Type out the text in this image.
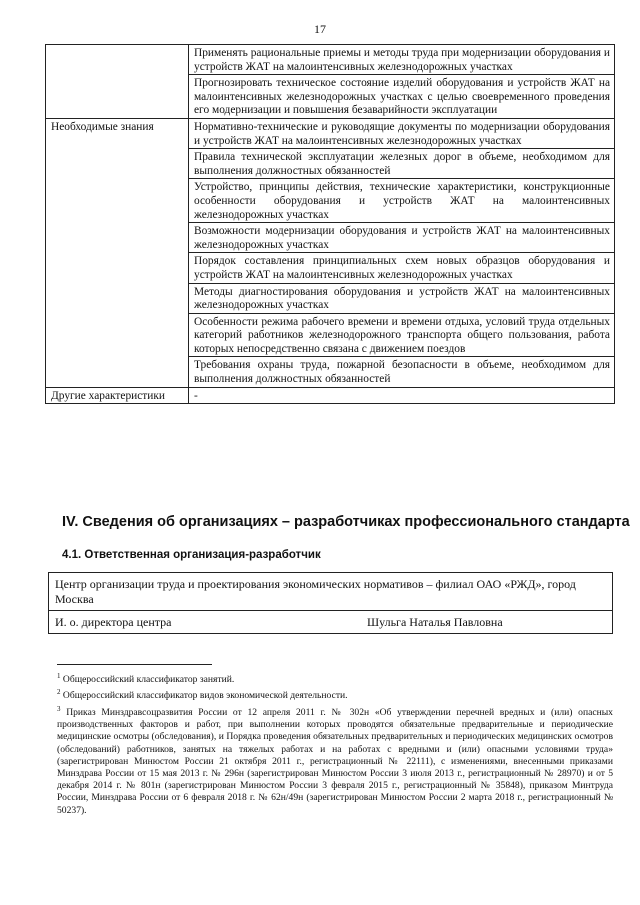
17
	Применять рациональные приемы и методы труда при модернизации оборудования и устройств ЖАТ на малоинтенсивных железнодорожных участках
	Прогнозировать техническое состояние изделий оборудования и устройств ЖАТ на малоинтенсивных железнодорожных участках с целью своевременного проведения его модернизации и повышения безаварийности эксплуатации
Необходимые знания	Нормативно-технические и руководящие документы по модернизации оборудования и устройств ЖАТ на малоинтенсивных железнодорожных участках
	Правила технической эксплуатации железных дорог в объеме, необходимом для выполнения должностных обязанностей
	Устройство, принципы действия, технические характеристики, конструкционные особенности оборудования и устройств ЖАТ на малоинтенсивных железнодорожных участках
	Возможности модернизации оборудования и устройств ЖАТ на малоинтенсивных железнодорожных участках
	Порядок составления принципиальных схем новых образцов оборудования и устройств ЖАТ на малоинтенсивных железнодорожных участках
	Методы диагностирования оборудования и устройств ЖАТ на малоинтенсивных железнодорожных участках
	Особенности режима рабочего времени и времени отдыха, условий труда отдельных категорий работников железнодорожного транспорта общего пользования, работа которых непосредственно связана с движением поездов
	Требования охраны труда, пожарной безопасности в объеме, необходимом для выполнения должностных обязанностей
Другие характеристики	-
IV. Сведения об организациях – разработчиках профессионального стандарта
4.1. Ответственная организация-разработчик
Центр организации труда и проектирования экономических нормативов – филиал ОАО «РЖД», город Москва
И. о. директора центра	Шульга Наталья Павловна

$^1$ Общероссийский классификатор занятий.

$^2$ Общероссийский классификатор видов экономической деятельности.

$^3$ Приказ Минздравсоцразвития России от 12 апреля 2011 г. № 302н «Об утверждении перечней вредных и (или) опасных производственных факторов и работ, при выполнении которых проводятся обязательные предварительные и периодические медицинские осмотры (обследования), и Порядка проведения обязательных предварительных и периодических медицинских осмотров (обследований) работников, занятых на тяжелых работах и на работах с вредными и (или) опасными условиями труда» (зарегистрирован Минюстом России 21 октября 2011 г., регистрационный № 22111), с изменениями, внесенными приказами Минздрава России от 15 мая 2013 г. № 296н (зарегистрирован Минюстом России 3 июля 2013 г., регистрационный № 28970) и от 5 декабря 2014 г. № 801н (зарегистрирован Минюстом России 3 февраля 2015 г., регистрационный № 35848), приказом Минтруда России, Минздрава России от 6 февраля 2018 г. № 62н/49н (зарегистрирован Минюстом России 2 марта 2018 г., регистрационный № 50237).
